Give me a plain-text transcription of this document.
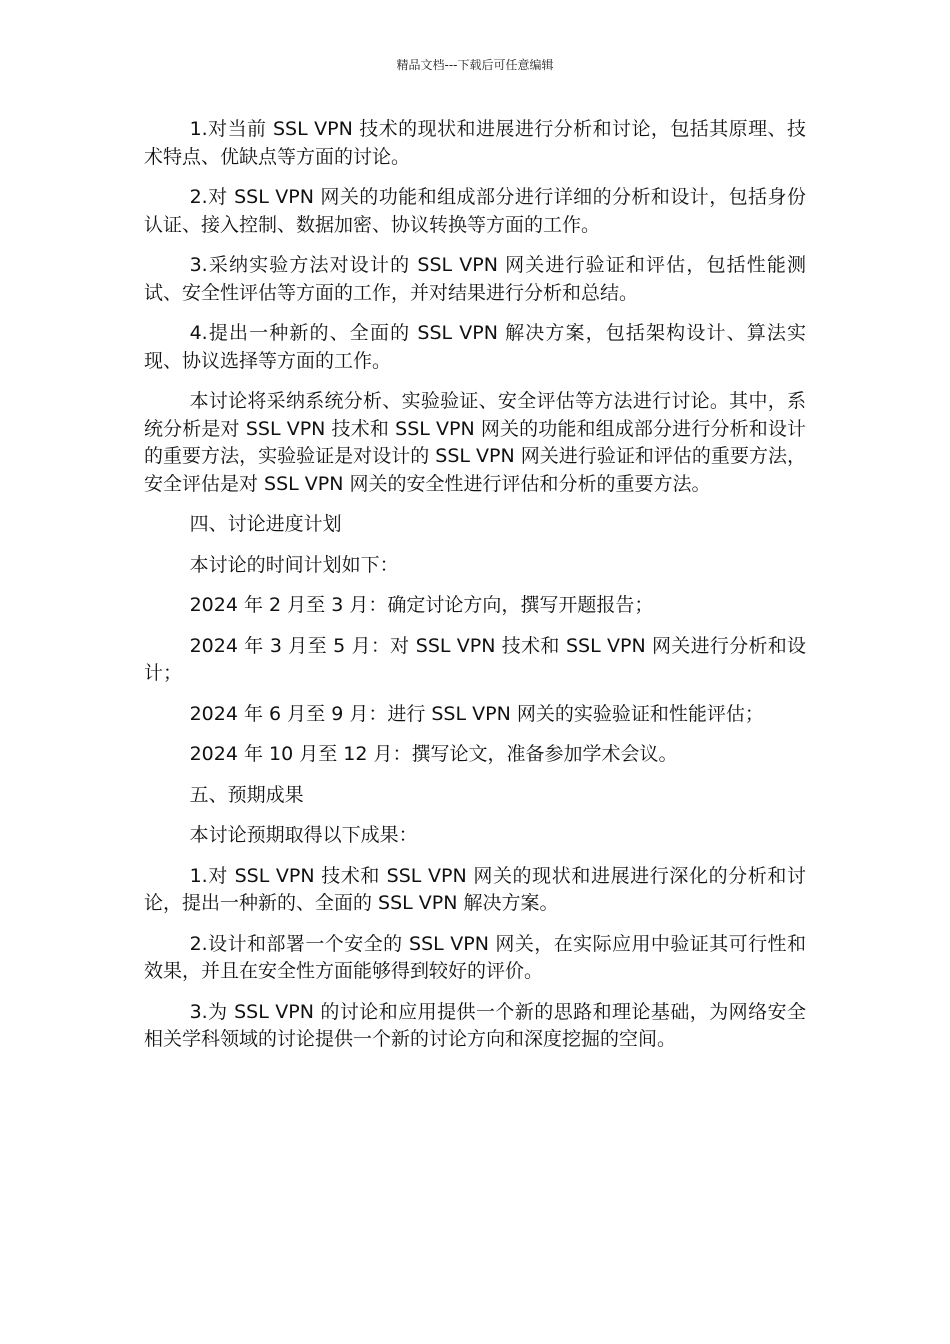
精品文档---下载后可任意编辑

1.对当前 SSL VPN 技术的现状和进展进行分析和讨论，包括其原理、技术特点、优缺点等方面的讨论。

2.对 SSL VPN 网关的功能和组成部分进行详细的分析和设计，包括身份认证、接入控制、数据加密、协议转换等方面的工作。

3.采纳实验方法对设计的 SSL VPN 网关进行验证和评估，包括性能测试、安全性评估等方面的工作，并对结果进行分析和总结。

4.提出一种新的、全面的 SSL VPN 解决方案，包括架构设计、算法实现、协议选择等方面的工作。

本讨论将采纳系统分析、实验验证、安全评估等方法进行讨论。其中，系统分析是对 SSL VPN 技术和 SSL VPN 网关的功能和组成部分进行分析和设计的重要方法，实验验证是对设计的 SSL VPN 网关进行验证和评估的重要方法，安全评估是对 SSL VPN 网关的安全性进行评估和分析的重要方法。

四、讨论进度计划

本讨论的时间计划如下：

2024 年 2 月至 3 月：确定讨论方向，撰写开题报告；

2024 年 3 月至 5 月：对 SSL VPN 技术和 SSL VPN 网关进行分析和设计；

2024 年 6 月至 9 月：进行 SSL VPN 网关的实验验证和性能评估；

2024 年 10 月至 12 月：撰写论文，准备参加学术会议。

五、预期成果

本讨论预期取得以下成果：

1.对 SSL VPN 技术和 SSL VPN 网关的现状和进展进行深化的分析和讨论，提出一种新的、全面的 SSL VPN 解决方案。

2.设计和部署一个安全的 SSL VPN 网关，在实际应用中验证其可行性和效果，并且在安全性方面能够得到较好的评价。

3.为 SSL VPN 的讨论和应用提供一个新的思路和理论基础，为网络安全相关学科领域的讨论提供一个新的讨论方向和深度挖掘的空间。
